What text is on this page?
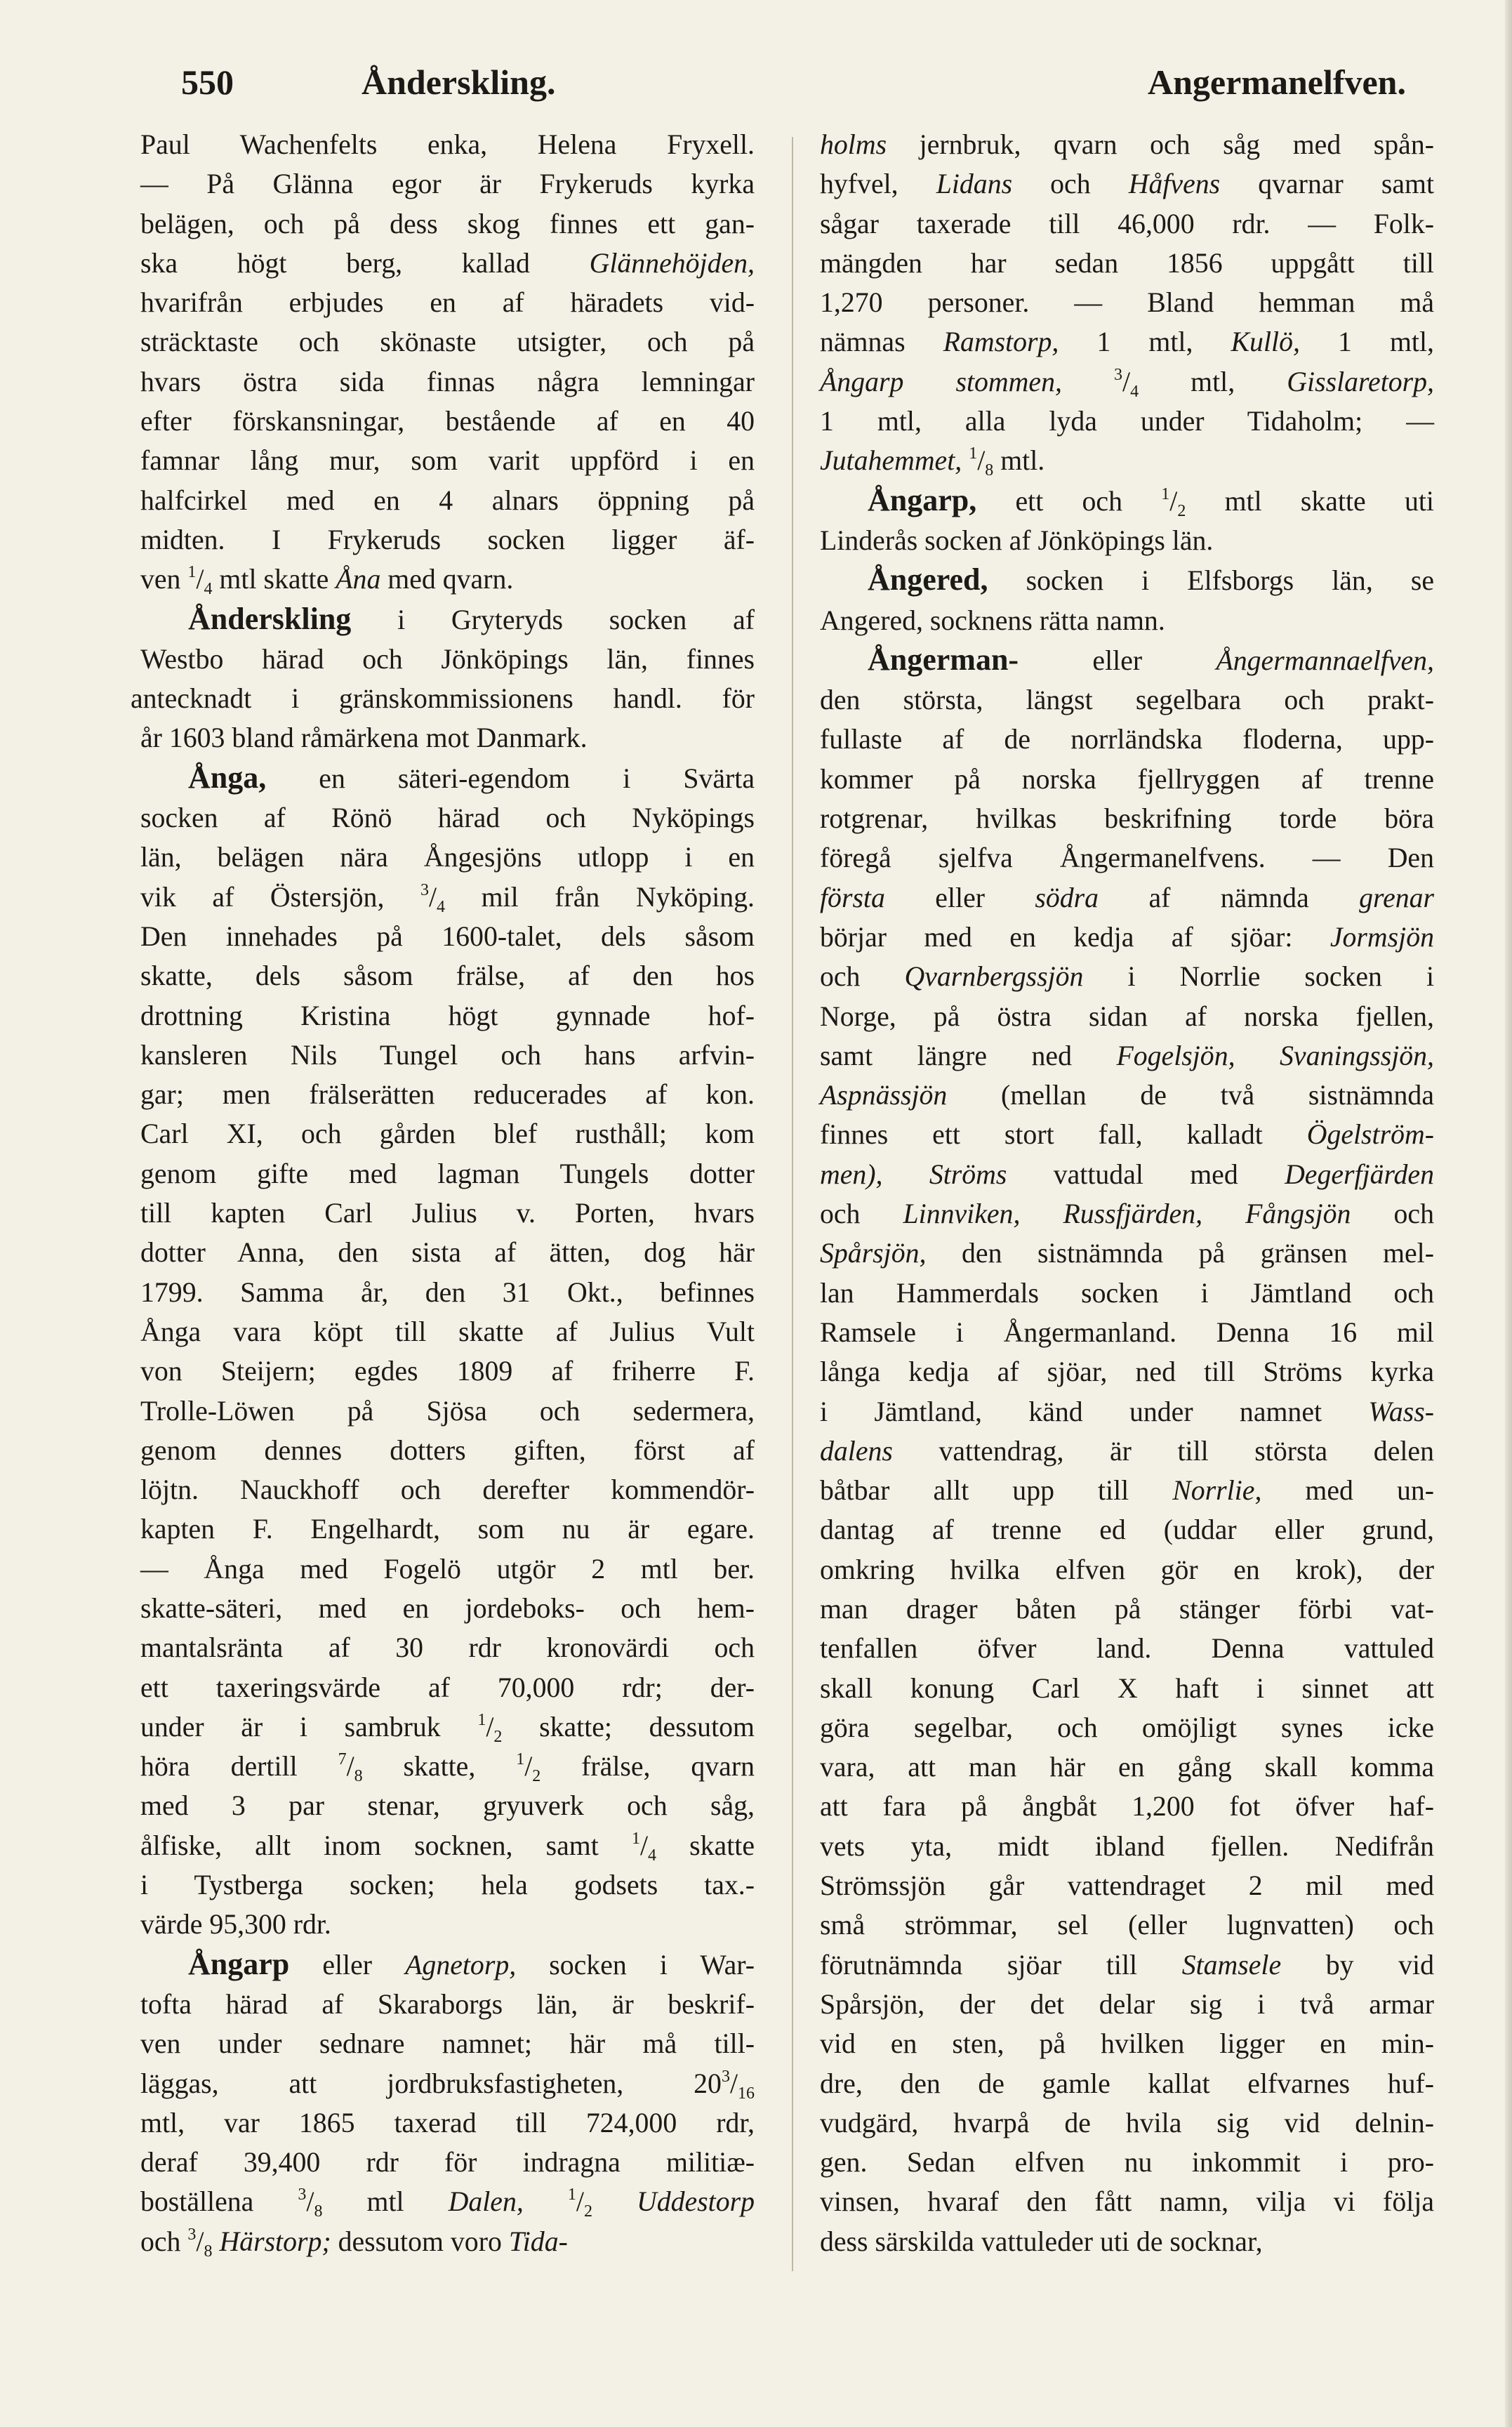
550	Ånderskling.	Angermanelfven.
Paul Wachenfelts enka, Helena Fryxell.
— På Glänna egor är Frykeruds kyrka
belägen, och på dess skog finnes ett gan-
ska högt berg, kallad Glännehöjden,
hvarifrån erbjudes en af häradets vid-
sträcktaste och skönaste utsigter, och på
hvars östra sida finnas några lemningar
efter förskansningar, bestående af en 40
famnar lång mur, som varit uppförd i en
halfcirkel med en 4 alnars öppning på
midten. I Frykeruds socken ligger äf-
ven $^1/_4$ mtl skatte Åna med qvarn.
Ånderskling i Gryteryds socken af
Westbo härad och Jönköpings län, finnes
antecknadt i gränskommissionens handl. för
år 1603 bland råmärkena mot Danmark.
Ånga, en säteri-egendom i Svärta
socken af Rönö härad och Nyköpings
län, belägen nära Ångesjöns utlopp i en
vik af Östersjön, $^3/_4$ mil från Nyköping.
Den innehades på 1600-talet, dels såsom
skatte, dels såsom frälse, af den hos
drottning Kristina högt gynnade hof-
kansleren Nils Tungel och hans arfvin-
gar; men frälserätten reducerades af kon.
Carl XI, och gården blef rusthåll; kom
genom gifte med lagman Tungels dotter
till kapten Carl Julius v. Porten, hvars
dotter Anna, den sista af ätten, dog här
1799. Samma år, den 31 Okt., befinnes
Ånga vara köpt till skatte af Julius Vult
von Steijern; egdes 1809 af friherre F.
Trolle-Löwen på Sjösa och sedermera,
genom dennes dotters giften, först af
löjtn. Nauckhoff och derefter kommendör-
kapten F. Engelhardt, som nu är egare.
— Ånga med Fogelö utgör 2 mtl ber.
skatte-säteri, med en jordeboks- och hem-
mantalsränta af 30 rdr kronovärdi och
ett taxeringsvärde af 70,000 rdr; der-
under är i sambruk $^1/_2$ skatte; dessutom
höra dertill $^7/_8$ skatte, $^1/_2$ frälse, qvarn
med 3 par stenar, gryuverk och såg,
ålfiske, allt inom socknen, samt $^1/_4$ skatte
i Tystberga socken; hela godsets tax.-
värde 95,300 rdr.
Ångarp eller Agnetorp, socken i War-
tofta härad af Skaraborgs län, är beskrif-
ven under sednare namnet; här må till-
läggas, att jordbruksfastigheten, $20^3/_{16}$
mtl, var 1865 taxerad till 724,000 rdr,
deraf 39,400 rdr för indragna militiæ-
boställena $^3/_8$ mtl Dalen,	$^1/_2$ Uddestorp
och $^3/_8$ Härstorp; dessutom voro Tida-
holms jernbruk, qvarn och såg med spån-
hyfvel, Lidans och Håfvens qvarnar samt
sågar taxerade till 46,000 rdr. — Folk-
mängden har sedan 1856 uppgått till
1,270 personer. — Bland hemman må
nämnas Ramstorp, 1 mtl, Kullö, 1 mtl,
Ångarp stommen,	$^3/_4$ mtl, Gisslaretorp,
1 mtl, alla lyda under Tidaholm; —
Jutahemmet, $^1/_8$ mtl.
Ångarp, ett och $^1/_2$ mtl skatte uti
Linderås socken af Jönköpings län.
Ångered, socken i Elfsborgs län, se
Angered, socknens rätta namn.
Ångerman- eller Ångermannaelfven,
den största, längst segelbara och prakt-
fullaste af de norrländska floderna, upp-
kommer på norska fjellryggen af trenne
rotgrenar, hvilkas beskrifning torde böra
föregå sjelfva Ångermanelfvens. — Den
första eller södra af nämnda grenar
börjar med en kedja af sjöar: Jormsjön
och Qvarnbergssjön i Norrlie socken i
Norge, på östra sidan af norska fjellen,
samt längre ned Fogelsjön, Svaningssjön,
Aspnässjön (mellan de två sistnämnda
finnes ett stort fall, kalladt Ögelström-
men), Ströms vattudal med Degerfjärden
och Linnviken, Russfjärden, Fångsjön och
Spårsjön, den sistnämnda på gränsen mel-
lan Hammerdals socken i Jämtland och
Ramsele i Ångermanland. Denna 16 mil
långa kedja af sjöar, ned till Ströms kyrka
i Jämtland, känd under namnet Wass-
dalens vattendrag, är till största delen
båtbar allt upp till Norrlie, med un-
dantag af trenne ed (uddar eller grund,
omkring hvilka elfven gör en krok), der
man drager båten på stänger förbi vat-
tenfallen öfver land. Denna vattuled
skall konung Carl X haft i sinnet att
göra segelbar, och omöjligt synes icke
vara, att man här en gång skall komma
att fara på ångbåt 1,200 fot öfver haf-
vets yta, midt ibland fjellen. Nedifrån
Strömssjön går vattendraget 2 mil med
små strömmar, sel (eller lugnvatten) och
förutnämnda sjöar till Stamsele by vid
Spårsjön, der det delar sig i två armar
vid en sten, på hvilken ligger en min-
dre, den de gamle kallat elfvarnes huf-
vudgärd, hvarpå de hvila sig vid delnin-
gen. Sedan elfven nu inkommit i pro-
vinsen, hvaraf den fått namn, vilja vi följa
dess särskilda vattuleder uti de socknar,
